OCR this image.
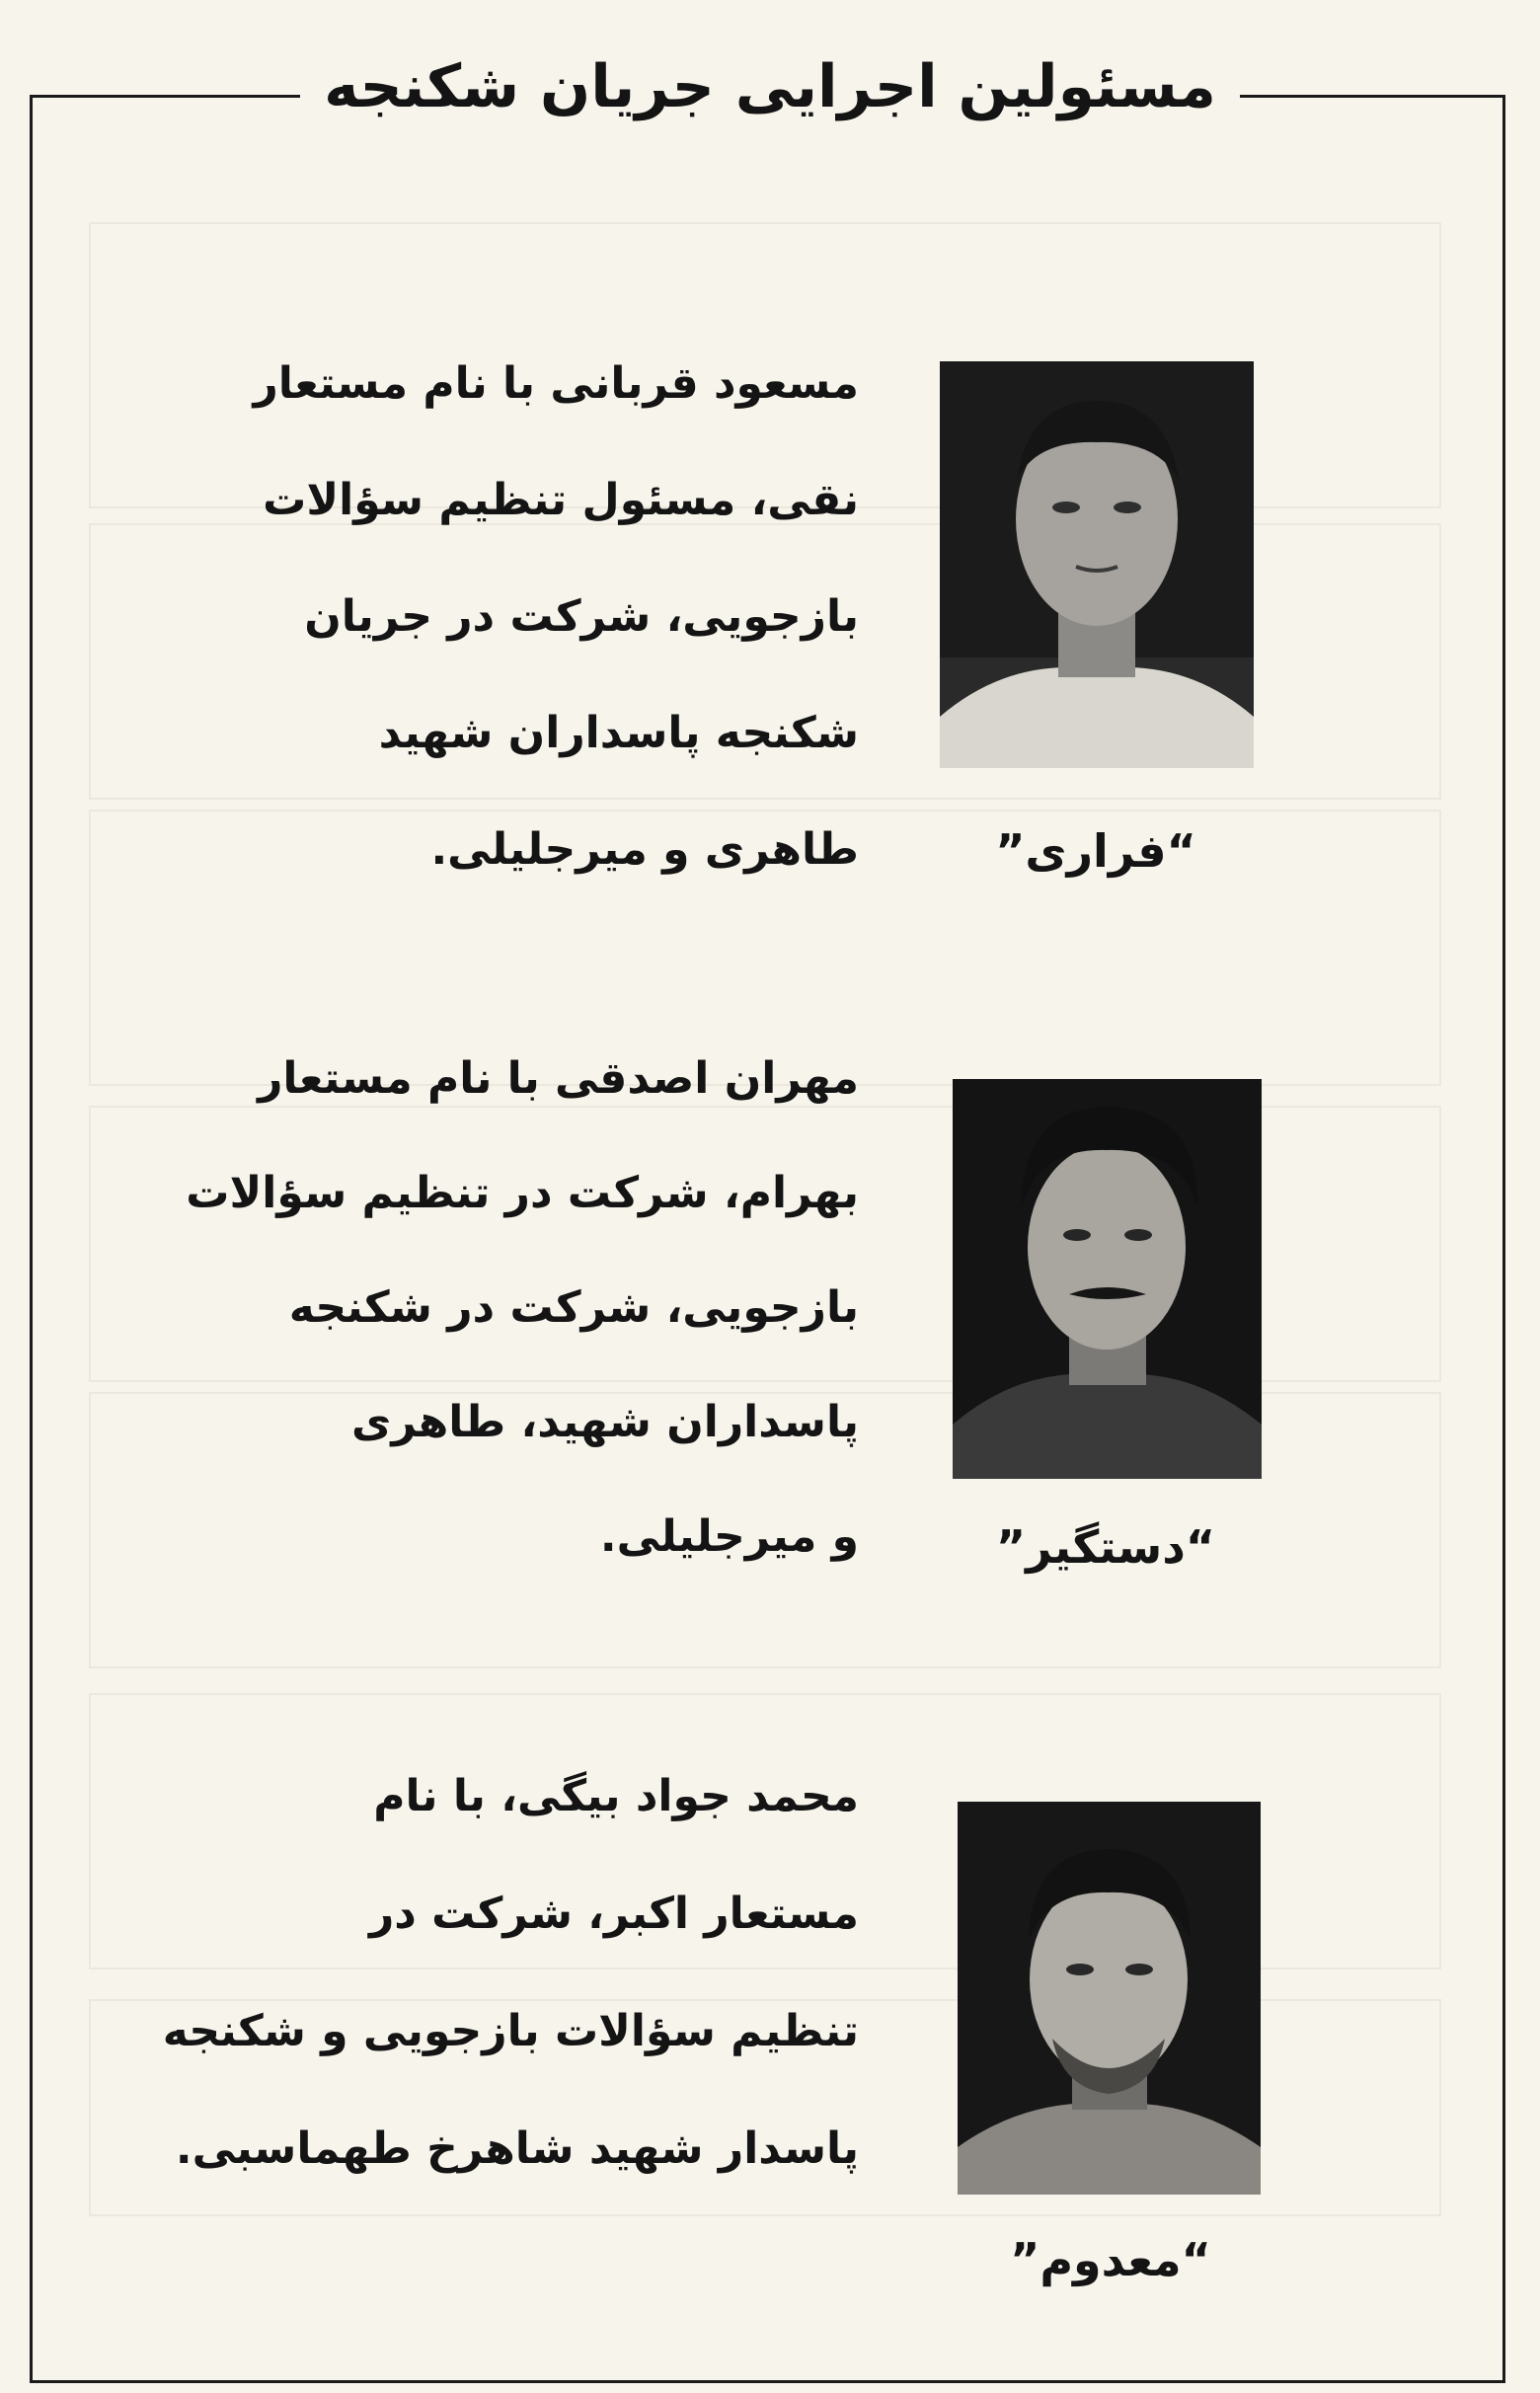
مسئولین اجرایی جریان شکنجه
مسعود قربانی با نام مستعار
نقی، مسئول تنظیم سؤالات
بازجویی، شرکت در جریان
شکنجه پاسداران شهید
طاهری و میرجلیلی.	“فراری”
مهران اصدقی با نام مستعار
بهرام، شرکت در تنظیم سؤالات
بازجویی، شرکت در شکنجه
پاسداران شهید، طاهری
و میرجلیلی.	“دستگیر”
محمد جواد بیگی، با نام
مستعار اکبر، شرکت در
تنظیم سؤالات بازجویی و شکنجه
پاسدار شهید شاهرخ طهماسبی.
“معدوم”
